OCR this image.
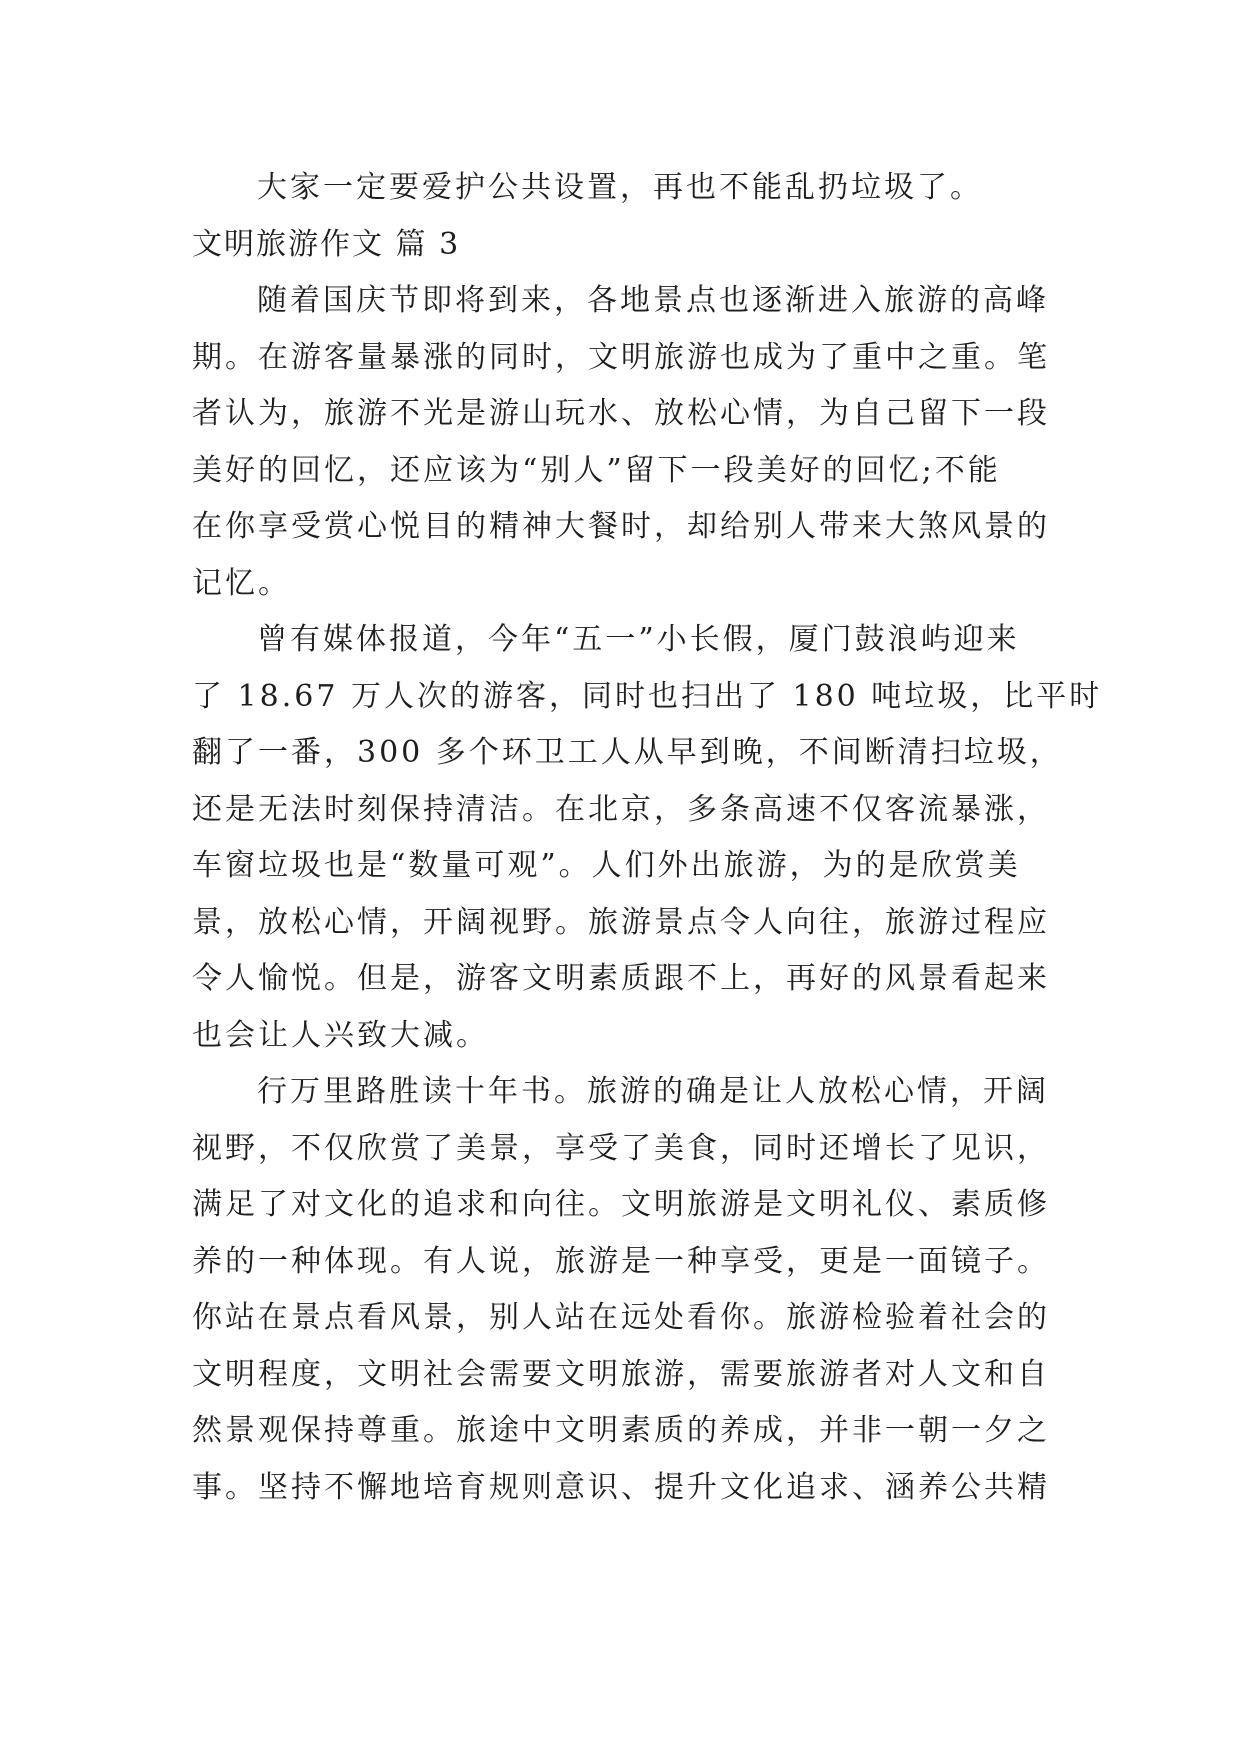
大家一定要爱护公共设置，再也不能乱扔垃圾了。
文明旅游作文 篇 3
随着国庆节即将到来，各地景点也逐渐进入旅游的高峰
期。在游客量暴涨的同时，文明旅游也成为了重中之重。笔
者认为，旅游不光是游山玩水、放松心情，为自己留下一段
美好的回忆，还应该为“别人”留下一段美好的回忆;不能
在你享受赏心悦目的精神大餐时，却给别人带来大煞风景的
记忆。
曾有媒体报道，今年“五一”小长假，厦门鼓浪屿迎来
了 18.67 万人次的游客，同时也扫出了 180 吨垃圾，比平时
翻了一番，300 多个环卫工人从早到晚，不间断清扫垃圾，
还是无法时刻保持清洁。在北京，多条高速不仅客流暴涨，
车窗垃圾也是“数量可观”。人们外出旅游，为的是欣赏美
景，放松心情，开阔视野。旅游景点令人向往，旅游过程应
令人愉悦。但是，游客文明素质跟不上，再好的风景看起来
也会让人兴致大减。
行万里路胜读十年书。旅游的确是让人放松心情，开阔
视野，不仅欣赏了美景，享受了美食，同时还增长了见识，
满足了对文化的追求和向往。文明旅游是文明礼仪、素质修
养的一种体现。有人说，旅游是一种享受，更是一面镜子。
你站在景点看风景，别人站在远处看你。旅游检验着社会的
文明程度，文明社会需要文明旅游，需要旅游者对人文和自
然景观保持尊重。旅途中文明素质的养成，并非一朝一夕之
事。坚持不懈地培育规则意识、提升文化追求、涵养公共精
